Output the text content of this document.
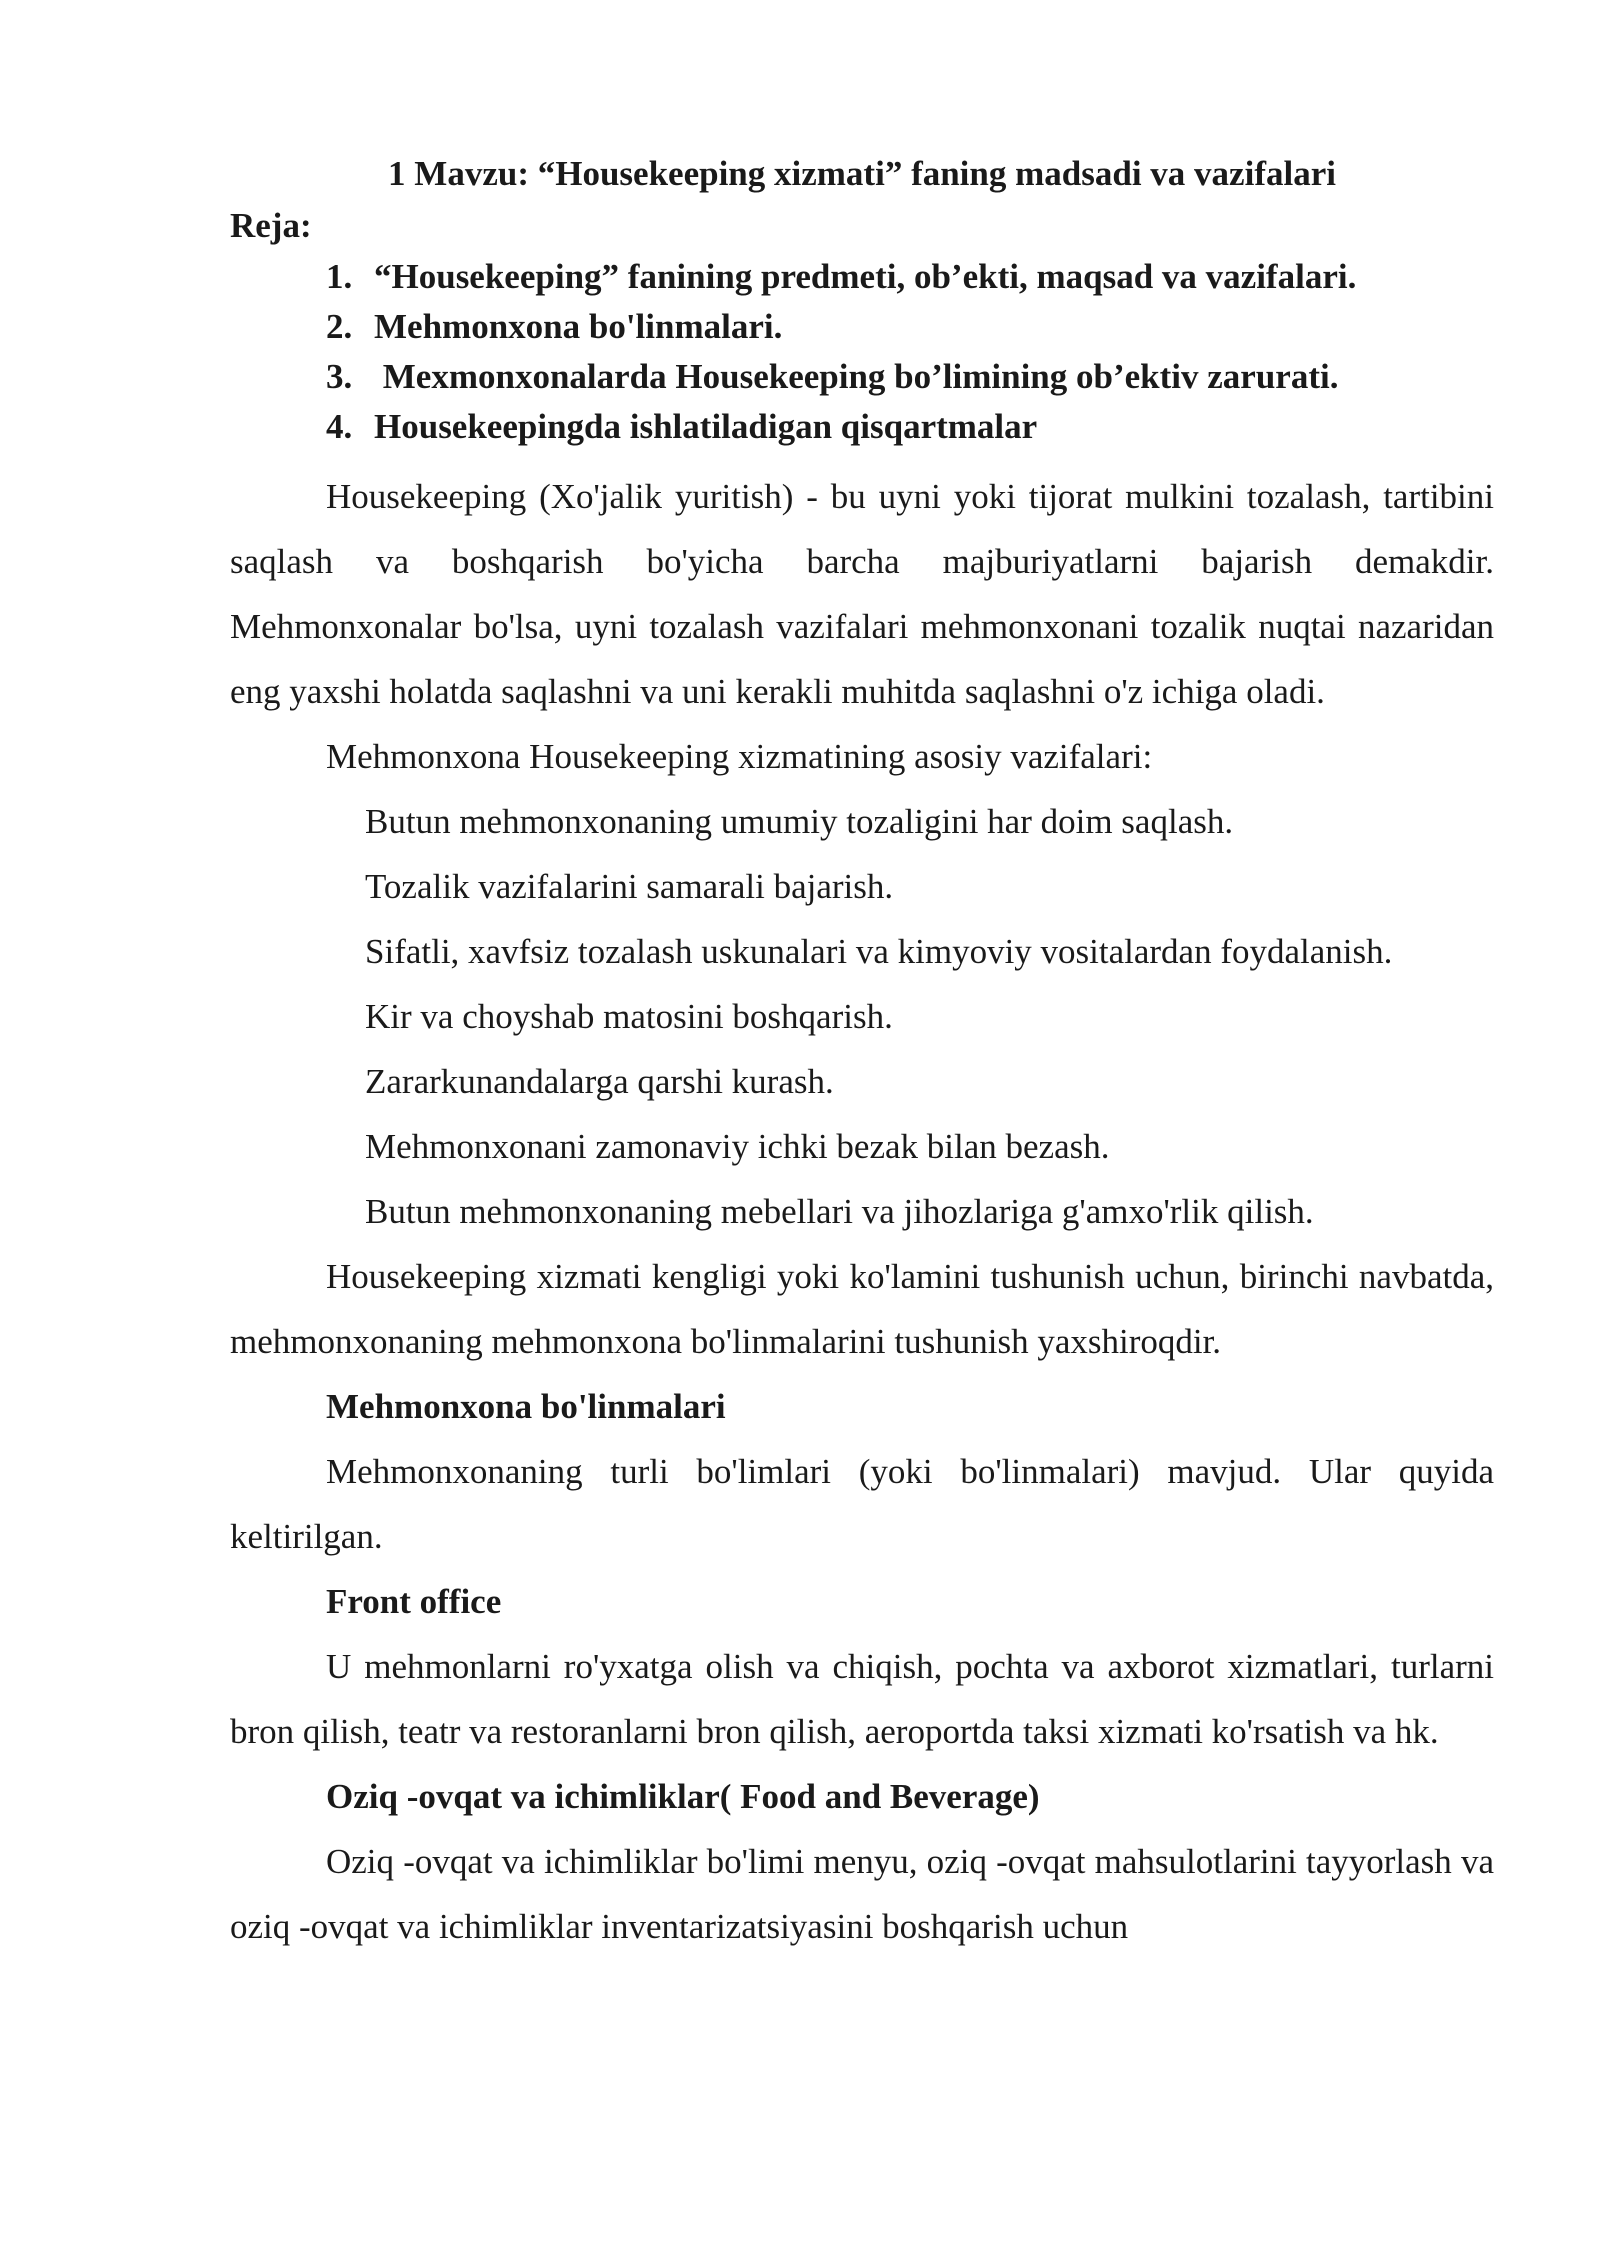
1 Mavzu: “Housekeeping xizmati” faning madsadi va vazifalari
Reja:
1. “Housekeeping” fanining predmeti, ob’ekti, maqsad va vazifalari.
2. Mehmonxona bo'linmalari.
3. Mexmonxonalarda Housekeeping bo’limining ob’ektiv zarurati.
4. Housekeepingda ishlatiladigan qisqartmalar

Housekeeping (Xo'jalik yuritish) - bu uyni yoki tijorat mulkini tozalash, tartibini saqlash va boshqarish bo'yicha barcha majburiyatlarni bajarish demakdir. Mehmonxonalar bo'lsa, uyni tozalash vazifalari mehmonxonani tozalik nuqtai nazaridan eng yaxshi holatda saqlashni va uni kerakli muhitda saqlashni o'z ichiga oladi.

Mehmonxona Housekeeping xizmatining asosiy vazifalari:
Butun mehmonxonaning umumiy tozaligini har doim saqlash.
Tozalik vazifalarini samarali bajarish.
Sifatli, xavfsiz tozalash uskunalari va kimyoviy vositalardan foydalanish.
Kir va choyshab matosini boshqarish.
Zararkunandalarga qarshi kurash.
Mehmonxonani zamonaviy ichki bezak bilan bezash.
Butun mehmonxonaning mebellari va jihozlariga g'amxo'rlik qilish.

Housekeeping xizmati kengligi yoki ko'lamini tushunish uchun, birinchi navbatda, mehmonxonaning mehmonxona bo'linmalarini tushunish yaxshiroqdir.

Mehmonxona bo'linmalari

Mehmonxonaning turli bo'limlari (yoki bo'linmalari) mavjud. Ular quyida keltirilgan.

Front office

U mehmonlarni ro'yxatga olish va chiqish, pochta va axborot xizmatlari, turlarni bron qilish, teatr va restoranlarni bron qilish, aeroportda taksi xizmati ko'rsatish va hk.

Oziq -ovqat va ichimliklar( Food and Beverage)

Oziq -ovqat va ichimliklar bo'limi menyu, oziq -ovqat mahsulotlarini tayyorlash va oziq -ovqat va ichimliklar inventarizatsiyasini boshqarish uchun
